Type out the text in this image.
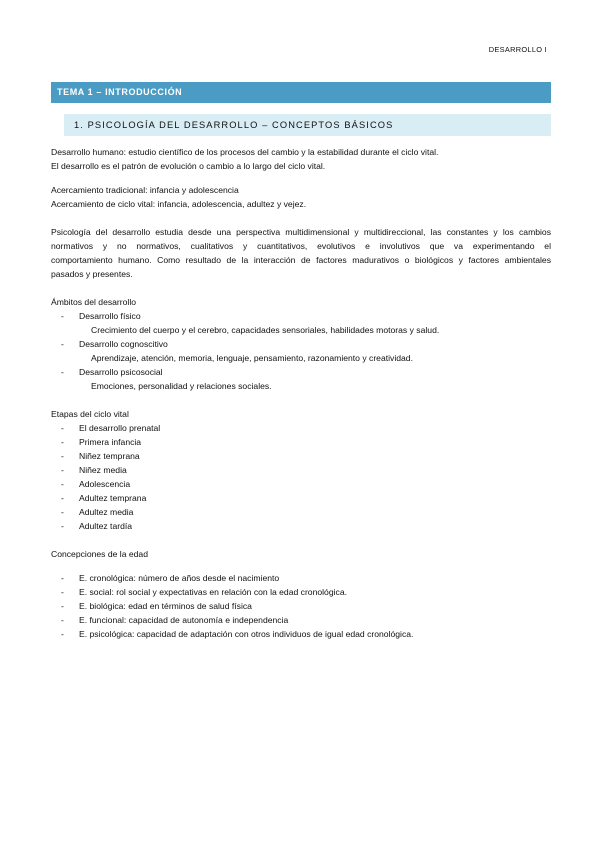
DESARROLLO I
TEMA 1 – INTRODUCCIÓN
1. PSICOLOGÍA DEL DESARROLLO – CONCEPTOS BÁSICOS
Desarrollo humano: estudio científico de los procesos del cambio y la estabilidad durante el ciclo vital.
El desarrollo es el patrón de evolución o cambio a lo largo del ciclo vital.
Acercamiento tradicional: infancia y adolescencia
Acercamiento de ciclo vital: infancia, adolescencia, adultez y vejez.
Psicología del desarrollo estudia desde una perspectiva multidimensional y multidireccional, las constantes y los cambios
normativos y no normativos, cualitativos y cuantitativos, evolutivos e involutivos que va experimentando el
comportamiento humano. Como resultado de la interacción de factores madurativos o biológicos y factores ambientales
pasados y presentes.
Ámbitos del desarrollo
- Desarrollo físico
Crecimiento del cuerpo y el cerebro, capacidades sensoriales, habilidades motoras y salud.
- Desarrollo cognoscitivo
Aprendizaje, atención, memoria, lenguaje, pensamiento, razonamiento y creatividad.
- Desarrollo psicosocial
Emociones, personalidad y relaciones sociales.
Etapas del ciclo vital
- El desarrollo prenatal
- Primera infancia
- Niñez temprana
- Niñez media
- Adolescencia
- Adultez temprana
- Adultez media
- Adultez tardía
Concepciones de la edad
- E. cronológica: número de años desde el nacimiento
- E. social: rol social y expectativas en relación con la edad cronológica.
- E. biológica: edad en términos de salud física
- E. funcional: capacidad de autonomía e independencia
- E. psicológica: capacidad de adaptación con otros individuos de igual edad cronológica.
